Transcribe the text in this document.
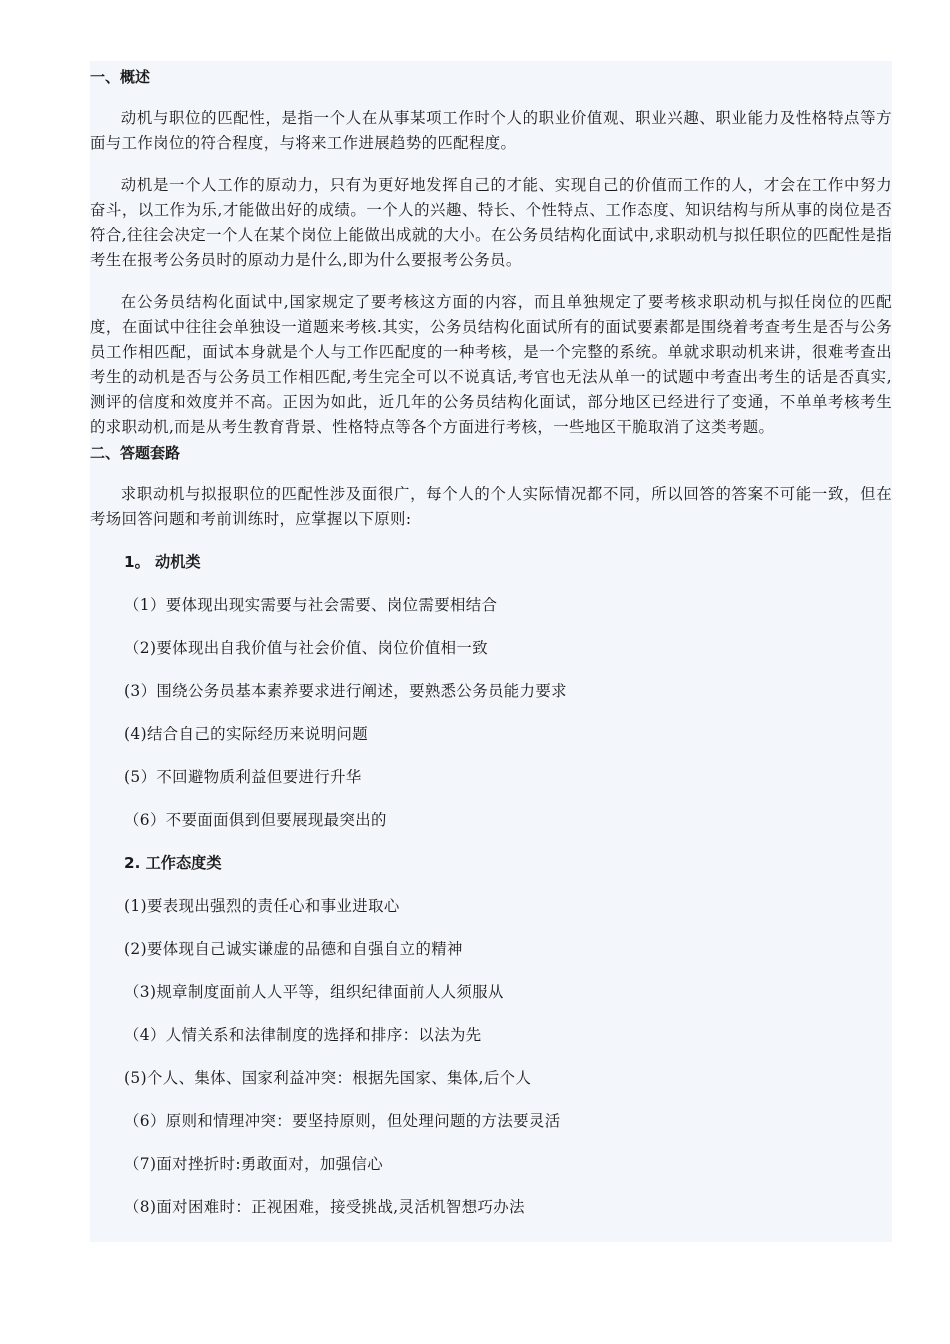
一、概述

动机与职位的匹配性，是指一个人在从事某项工作时个人的职业价值观、职业兴趣、职业能力及性格特点等方面与工作岗位的符合程度，与将来工作进展趋势的匹配程度。

动机是一个人工作的原动力，只有为更好地发挥自己的才能、实现自己的价值而工作的人，才会在工作中努力奋斗，以工作为乐,才能做出好的成绩。一个人的兴趣、特长、个性特点、工作态度、知识结构与所从事的岗位是否符合,往往会决定一个人在某个岗位上能做出成就的大小。在公务员结构化面试中,求职动机与拟任职位的匹配性是指考生在报考公务员时的原动力是什么,即为什么要报考公务员。

在公务员结构化面试中,国家规定了要考核这方面的内容，而且单独规定了要考核求职动机与拟任岗位的匹配度，在面试中往往会单独设一道题来考核.其实，公务员结构化面试所有的面试要素都是围绕着考查考生是否与公务员工作相匹配，面试本身就是个人与工作匹配度的一种考核，是一个完整的系统。单就求职动机来讲，很难考查出考生的动机是否与公务员工作相匹配,考生完全可以不说真话,考官也无法从单一的试题中考查出考生的话是否真实,测评的信度和效度并不高。正因为如此，近几年的公务员结构化面试，部分地区已经进行了变通，不单单考核考生的求职动机,而是从考生教育背景、性格特点等各个方面进行考核，一些地区干脆取消了这类考题。

二、答题套路

求职动机与拟报职位的匹配性涉及面很广，每个人的个人实际情况都不同，所以回答的答案不可能一致，但在考场回答问题和考前训练时，应掌握以下原则:

1。 动机类

（1）要体现出现实需要与社会需要、岗位需要相结合

（2)要体现出自我价值与社会价值、岗位价值相一致

(3）围绕公务员基本素养要求进行阐述，要熟悉公务员能力要求

(4)结合自己的实际经历来说明问题

(5）不回避物质利益但要进行升华

（6）不要面面俱到但要展现最突出的

2. 工作态度类

(1)要表现出强烈的责任心和事业进取心

(2)要体现自己诚实谦虚的品德和自强自立的精神

（3)规章制度面前人人平等，组织纪律面前人人须服从

（4）人情关系和法律制度的选择和排序：以法为先

(5)个人、集体、国家利益冲突：根据先国家、集体,后个人

（6）原则和情理冲突：要坚持原则，但处理问题的方法要灵活

（7)面对挫折时:勇敢面对，加强信心

（8)面对困难时：正视困难，接受挑战,灵活机智想巧办法
